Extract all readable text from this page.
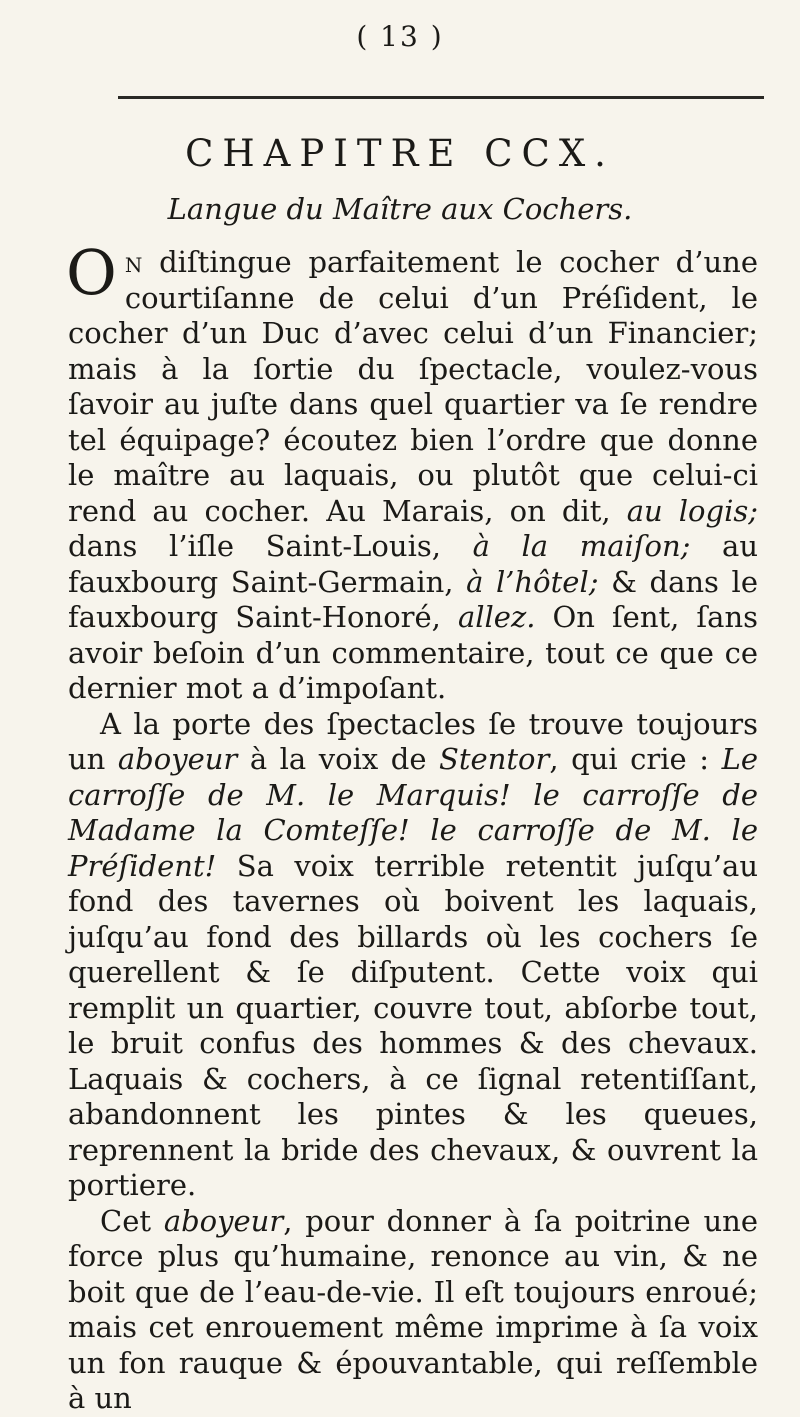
( 13 )
CHAPITRE CCX.
Langue du Maître aux Cochers.

On diſtingue parfaitement le cocher d’une courtiſanne de celui d’un Préſident, le cocher d’un Duc d’avec celui d’un Financier; mais à la ſortie du ſpectacle, voulez-vous ſavoir au juſte dans quel quartier va ſe rendre tel équipage? écoutez bien l’ordre que donne le maître au laquais, ou plutôt que celui-ci rend au cocher. Au Marais, on dit, au logis; dans l’iſle Saint-Louis, à la maiſon; au fauxbourg Saint-Germain, à l’hôtel; & dans le fauxbourg Saint-Honoré, allez. On ſent, ſans avoir beſoin d’un commentaire, tout ce que ce dernier mot a d’impoſant.

A la porte des ſpectacles ſe trouve toujours un aboyeur à la voix de Stentor, qui crie : Le carroſſe de M. le Marquis! le carroſſe de Madame la Comteſſe! le carroſſe de M. le Préſident! Sa voix terrible retentit juſqu’au fond des tavernes où boivent les laquais, juſqu’au fond des billards où les cochers ſe querellent & ſe diſputent. Cette voix qui remplit un quartier, couvre tout, abſorbe tout, le bruit confus des hommes & des chevaux. Laquais & cochers, à ce ſignal retentiſſant, abandonnent les pintes & les queues, reprennent la bride des chevaux, & ouvrent la portiere.

Cet aboyeur, pour donner à ſa poitrine une force plus qu’humaine, renonce au vin, & ne boit que de l’eau-de-vie. Il eſt toujours enroué; mais cet enrouement même imprime à ſa voix un fon rauque & épouvantable, qui reſſemble à un
